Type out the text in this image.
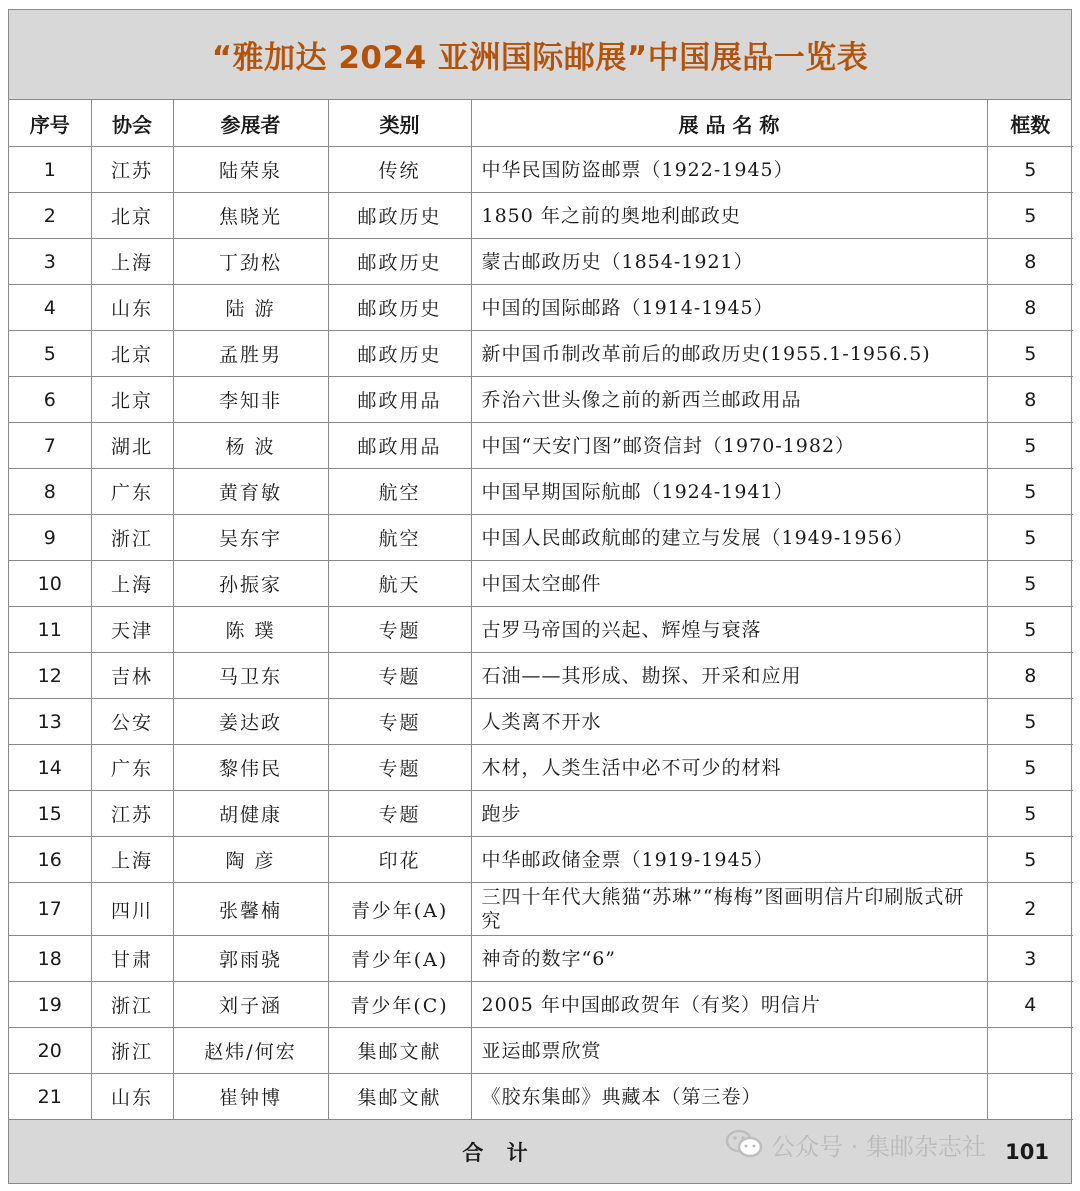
“雅加达 2024 亚洲国际邮展”中国展品一览表
序号	协会	参展者	类别	展 品 名 称	框数
1	江苏	陆荣泉	传统	中华民国防盗邮票（1922-1945）	5
2	北京	焦晓光	邮政历史	1850 年之前的奥地利邮政史	5
3	上海	丁劲松	邮政历史	蒙古邮政历史（1854-1921）	8
4	山东	陆 游	邮政历史	中国的国际邮路（1914-1945）	8
5	北京	孟胜男	邮政历史	新中国币制改革前后的邮政历史(1955.1-1956.5)	5
6	北京	李知非	邮政用品	乔治六世头像之前的新西兰邮政用品	8
7	湖北	杨 波	邮政用品	中国“天安门图”邮资信封（1970-1982）	5
8	广东	黄育敏	航空	中国早期国际航邮（1924-1941）	5
9	浙江	吴东宇	航空	中国人民邮政航邮的建立与发展（1949-1956）	5
10	上海	孙振家	航天	中国太空邮件	5
11	天津	陈 璞	专题	古罗马帝国的兴起、辉煌与衰落	5
12	吉林	马卫东	专题	石油——其形成、勘探、开采和应用	8
13	公安	姜达政	专题	人类离不开水	5
14	广东	黎伟民	专题	木材，人类生活中必不可少的材料	5
15	江苏	胡健康	专题	跑步	5
16	上海	陶 彦	印花	中华邮政储金票（1919-1945）	5
17	四川	张馨楠	青少年(A)	三四十年代大熊猫“苏琳”“梅梅”图画明信片印刷版式研究	2
18	甘肃	郭雨骁	青少年(A)	神奇的数字“6”	3
19	浙江	刘子涵	青少年(C)	2005 年中国邮政贺年（有奖）明信片	4
20	浙江	赵炜/何宏	集邮文献	亚运邮票欣赏	
21	山东	崔钟博	集邮文献	《胶东集邮》典藏本（第三卷）	
合 计	101
公众号 · 集邮杂志社
